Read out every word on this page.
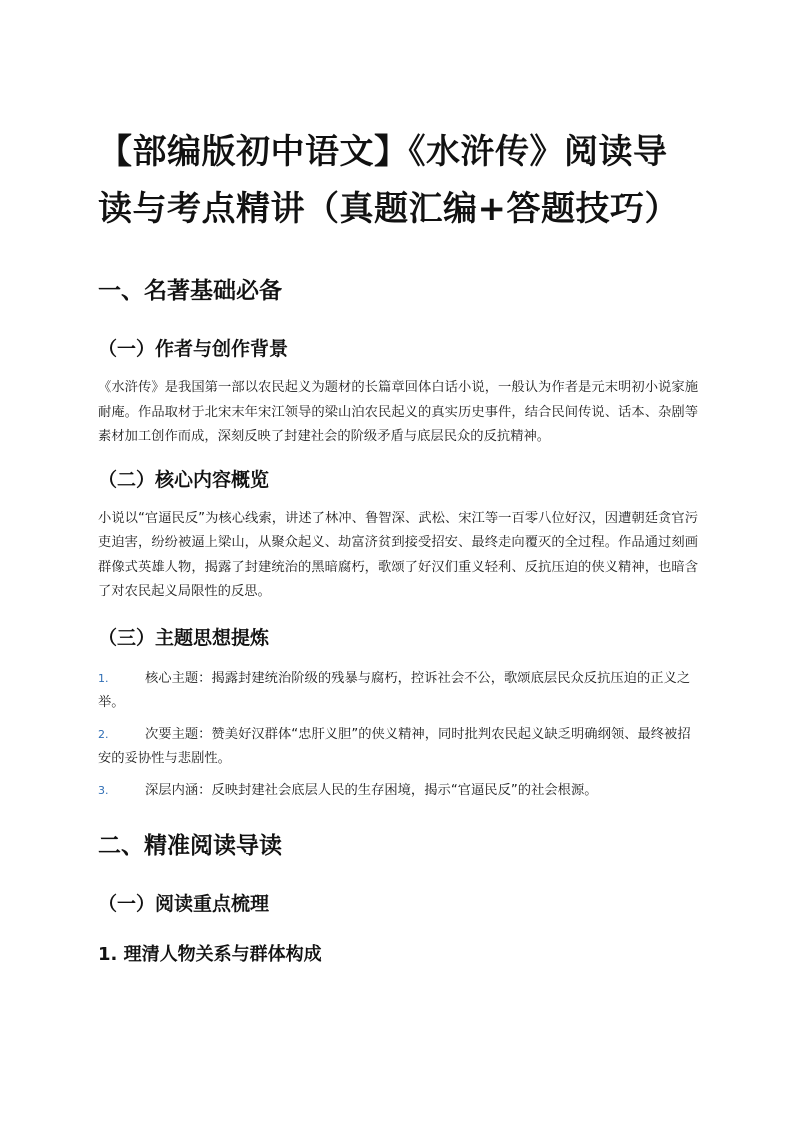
【部编版初中语文】《水浒传》阅读导读与考点精讲（真题汇编+答题技巧）
一、名著基础必备
（一）作者与创作背景

《水浒传》是我国第一部以农民起义为题材的长篇章回体白话小说，一般认为作者是元末明初小说家施耐庵。作品取材于北宋末年宋江领导的梁山泊农民起义的真实历史事件，结合民间传说、话本、杂剧等素材加工创作而成，深刻反映了封建社会的阶级矛盾与底层民众的反抗精神。

（二）核心内容概览

小说以“官逼民反”为核心线索，讲述了林冲、鲁智深、武松、宋江等一百零八位好汉，因遭朝廷贪官污吏迫害，纷纷被逼上梁山，从聚众起义、劫富济贫到接受招安、最终走向覆灭的全过程。作品通过刻画群像式英雄人物，揭露了封建统治的黑暗腐朽，歌颂了好汉们重义轻利、反抗压迫的侠义精神，也暗含了对农民起义局限性的反思。

（三）主题思想提炼
1.	核心主题：揭露封建统治阶级的残暴与腐朽，控诉社会不公，歌颂底层民众反抗压迫的正义之举。
2.	次要主题：赞美好汉群体“忠肝义胆”的侠义精神，同时批判农民起义缺乏明确纲领、最终被招安的妥协性与悲剧性。
3.	深层内涵：反映封建社会底层人民的生存困境，揭示“官逼民反”的社会根源。
二、精准阅读导读
（一）阅读重点梳理
1. 理清人物关系与群体构成
